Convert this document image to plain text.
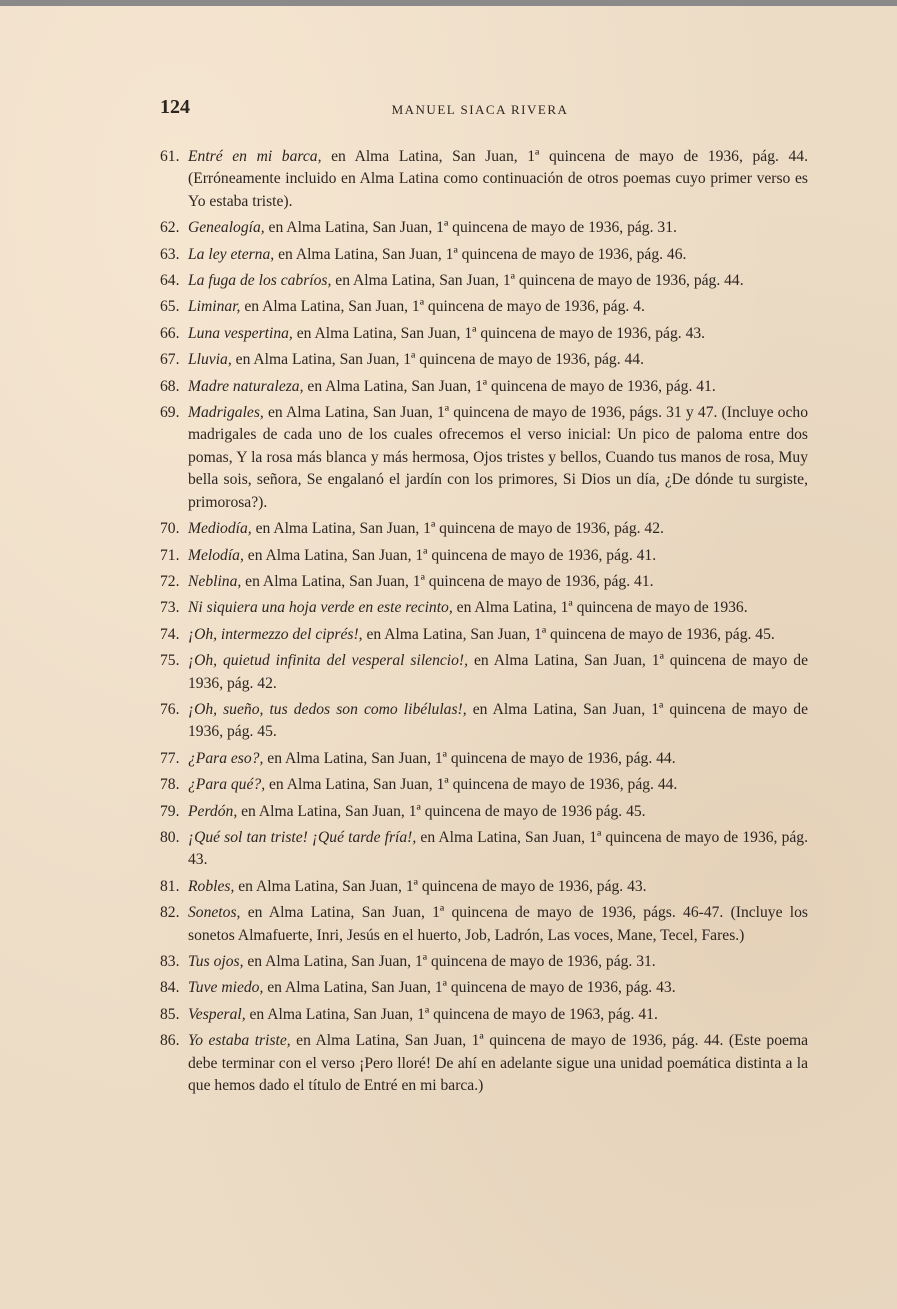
124	MANUEL SIACA RIVERA
61. Entré en mi barca, en Alma Latina, San Juan, 1ª quincena de mayo de 1936, pág. 44. (Erróneamente incluido en Alma Latina como continuación de otros poemas cuyo primer verso es Yo estaba triste).
62. Genealogía, en Alma Latina, San Juan, 1ª quincena de mayo de 1936, pág. 31.
63. La ley eterna, en Alma Latina, San Juan, 1ª quincena de mayo de 1936, pág. 46.
64. La fuga de los cabríos, en Alma Latina, San Juan, 1ª quincena de mayo de 1936, pág. 44.
65. Liminar, en Alma Latina, San Juan, 1ª quincena de mayo de 1936, pág. 4.
66. Luna vespertina, en Alma Latina, San Juan, 1ª quincena de mayo de 1936, pág. 43.
67. Lluvia, en Alma Latina, San Juan, 1ª quincena de mayo de 1936, pág. 44.
68. Madre naturaleza, en Alma Latina, San Juan, 1ª quincena de mayo de 1936, pág. 41.
69. Madrigales, en Alma Latina, San Juan, 1ª quincena de mayo de 1936, págs. 31 y 47. (Incluye ocho madrigales de cada uno de los cuales ofrecemos el verso inicial: Un pico de paloma entre dos pomas, Y la rosa más blanca y más hermosa, Ojos tristes y bellos, Cuando tus manos de rosa, Muy bella sois, señora, Se engalanó el jardín con los primores, Si Dios un día, ¿De dónde tu surgiste, primorosa?).
70. Mediodía, en Alma Latina, San Juan, 1ª quincena de mayo de 1936, pág. 42.
71. Melodía, en Alma Latina, San Juan, 1ª quincena de mayo de 1936, pág. 41.
72. Neblina, en Alma Latina, San Juan, 1ª quincena de mayo de 1936, pág. 41.
73. Ni siquiera una hoja verde en este recinto, en Alma Latina, 1ª quincena de mayo de 1936.
74. ¡Oh, intermezzo del ciprés!, en Alma Latina, San Juan, 1ª quincena de mayo de 1936, pág. 45.
75. ¡Oh, quietud infinita del vesperal silencio!, en Alma Latina, San Juan, 1ª quincena de mayo de 1936, pág. 42.
76. ¡Oh, sueño, tus dedos son como libélulas!, en Alma Latina, San Juan, 1ª quincena de mayo de 1936, pág. 45.
77. ¿Para eso?, en Alma Latina, San Juan, 1ª quincena de mayo de 1936, pág. 44.
78. ¿Para qué?, en Alma Latina, San Juan, 1ª quincena de mayo de 1936, pág. 44.
79. Perdón, en Alma Latina, San Juan, 1ª quincena de mayo de 1936 pág. 45.
80. ¡Qué sol tan triste! ¡Qué tarde fría!, en Alma Latina, San Juan, 1ª quincena de mayo de 1936, pág. 43.
81. Robles, en Alma Latina, San Juan, 1ª quincena de mayo de 1936, pág. 43.
82. Sonetos, en Alma Latina, San Juan, 1ª quincena de mayo de 1936, págs. 46-47. (Incluye los sonetos Almafuerte, Inri, Jesús en el huerto, Job, Ladrón, Las voces, Mane, Tecel, Fares.)
83. Tus ojos, en Alma Latina, San Juan, 1ª quincena de mayo de 1936, pág. 31.
84. Tuve miedo, en Alma Latina, San Juan, 1ª quincena de mayo de 1936, pág. 43.
85. Vesperal, en Alma Latina, San Juan, 1ª quincena de mayo de 1963, pág. 41.
86. Yo estaba triste, en Alma Latina, San Juan, 1ª quincena de mayo de 1936, pág. 44. (Este poema debe terminar con el verso ¡Pero lloré! De ahí en adelante sigue una unidad poemática distinta a la que hemos dado el título de Entré en mi barca.)
